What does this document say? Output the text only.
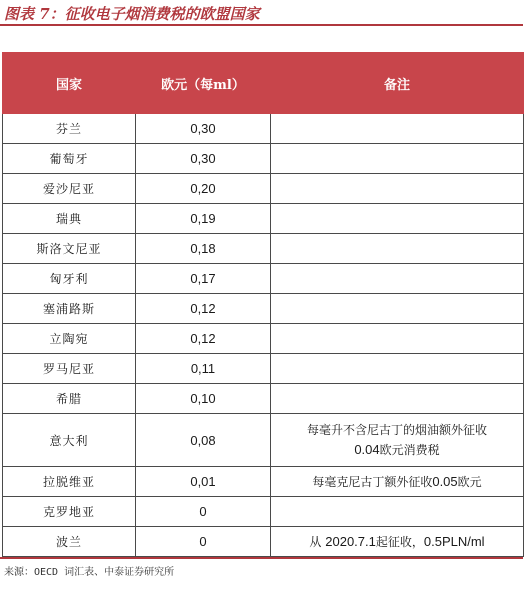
图表 7：征收电子烟消费税的欧盟国家
国家	欧元（每ml）	备注
芬兰	0,30	
葡萄牙	0,30	
爱沙尼亚	0,20	
瑞典	0,19	
斯洛文尼亚	0,18	
匈牙利	0,17	
塞浦路斯	0,12	
立陶宛	0,12	
罗马尼亚	0,11	
希腊	0,10	
意大利	0,08	每毫升不含尼古丁的烟油额外征收
0.04欧元消费税
拉脱维亚	0,01	每毫克尼古丁额外征收0.05欧元
克罗地亚	0	
波兰	0	从 2020.7.1起征收，0.5PLN/ml
来源：OECD 词汇表、中泰证券研究所
